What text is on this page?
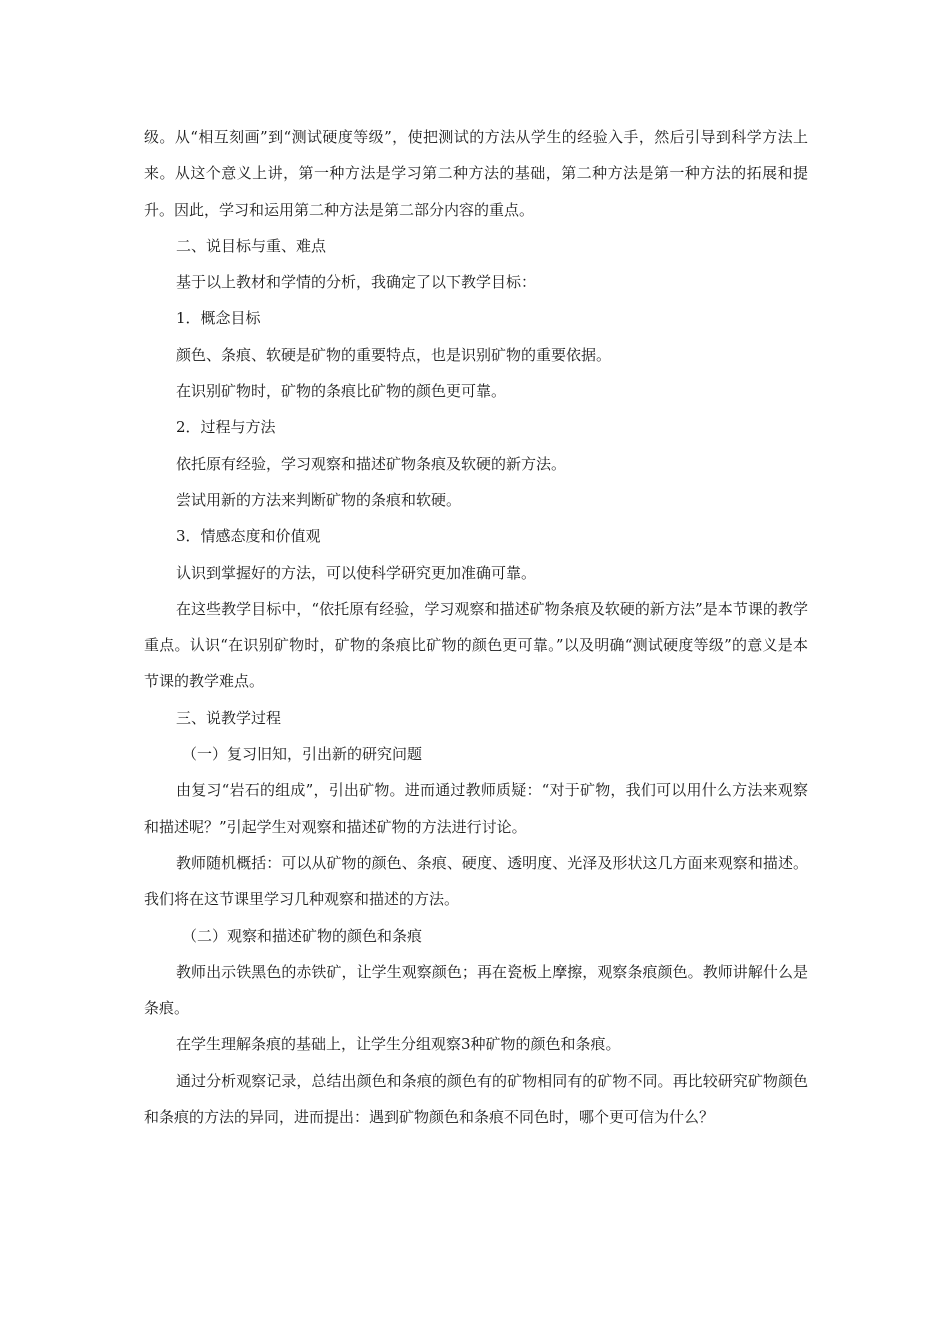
级。从“相互刻画”到“测试硬度等级”，使把测试的方法从学生的经验入手，然后引导到科学方法上来。从这个意义上讲，第一种方法是学习第二种方法的基础，第二种方法是第一种方法的拓展和提升。因此，学习和运用第二种方法是第二部分内容的重点。

二、说目标与重、难点

基于以上教材和学情的分析，我确定了以下教学目标：

1．概念目标

颜色、条痕、软硬是矿物的重要特点，也是识别矿物的重要依据。

在识别矿物时，矿物的条痕比矿物的颜色更可靠。

2．过程与方法

依托原有经验，学习观察和描述矿物条痕及软硬的新方法。

尝试用新的方法来判断矿物的条痕和软硬。

3．情感态度和价值观

认识到掌握好的方法，可以使科学研究更加准确可靠。

在这些教学目标中，“依托原有经验，学习观察和描述矿物条痕及软硬的新方法”是本节课的教学重点。认识“在识别矿物时，矿物的条痕比矿物的颜色更可靠。”以及明确“测试硬度等级”的意义是本节课的教学难点。

三、说教学过程

（一）复习旧知，引出新的研究问题

由复习“岩石的组成”，引出矿物。进而通过教师质疑：“对于矿物，我们可以用什么方法来观察和描述呢？”引起学生对观察和描述矿物的方法进行讨论。

教师随机概括：可以从矿物的颜色、条痕、硬度、透明度、光泽及形状这几方面来观察和描述。我们将在这节课里学习几种观察和描述的方法。

（二）观察和描述矿物的颜色和条痕

教师出示铁黑色的赤铁矿，让学生观察颜色；再在瓷板上摩擦，观察条痕颜色。教师讲解什么是条痕。

在学生理解条痕的基础上，让学生分组观察3种矿物的颜色和条痕。

通过分析观察记录，总结出颜色和条痕的颜色有的矿物相同有的矿物不同。再比较研究矿物颜色和条痕的方法的异同，进而提出：遇到矿物颜色和条痕不同色时，哪个更可信为什么？
